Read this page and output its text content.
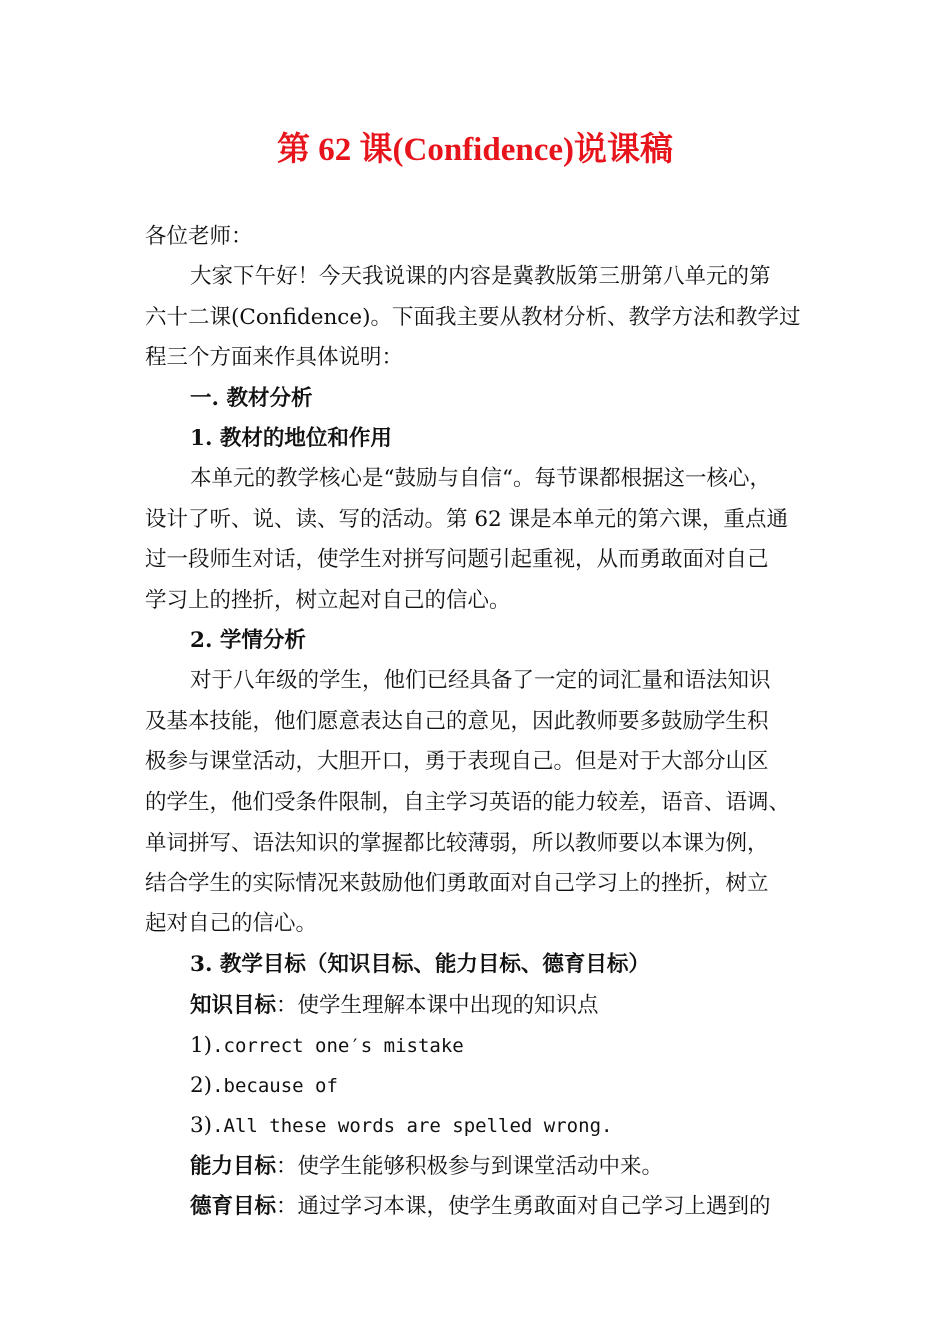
第 62 课(Confidence)说课稿
各位老师：
大家下午好！今天我说课的内容是冀教版第三册第八单元的第
六十二课(Confidence)。下面我主要从教材分析、教学方法和教学过
程三个方面来作具体说明：
一. 教材分析
1. 教材的地位和作用
本单元的教学核心是“鼓励与自信“。每节课都根据这一核心，
设计了听、说、读、写的活动。第 62 课是本单元的第六课，重点通
过一段师生对话，使学生对拼写问题引起重视，从而勇敢面对自己
学习上的挫折，树立起对自己的信心。
2. 学情分析
对于八年级的学生，他们已经具备了一定的词汇量和语法知识
及基本技能，他们愿意表达自己的意见，因此教师要多鼓励学生积
极参与课堂活动，大胆开口，勇于表现自己。但是对于大部分山区
的学生，他们受条件限制，自主学习英语的能力较差，语音、语调、
单词拼写、语法知识的掌握都比较薄弱，所以教师要以本课为例，
结合学生的实际情况来鼓励他们勇敢面对自己学习上的挫折，树立
起对自己的信心。
3. 教学目标（知识目标、能力目标、德育目标）
知识目标：使学生理解本课中出现的知识点
1).correct one′s mistake
2).because of
3).All these words are spelled wrong.
能力目标：使学生能够积极参与到课堂活动中来。
德育目标：通过学习本课，使学生勇敢面对自己学习上遇到的
